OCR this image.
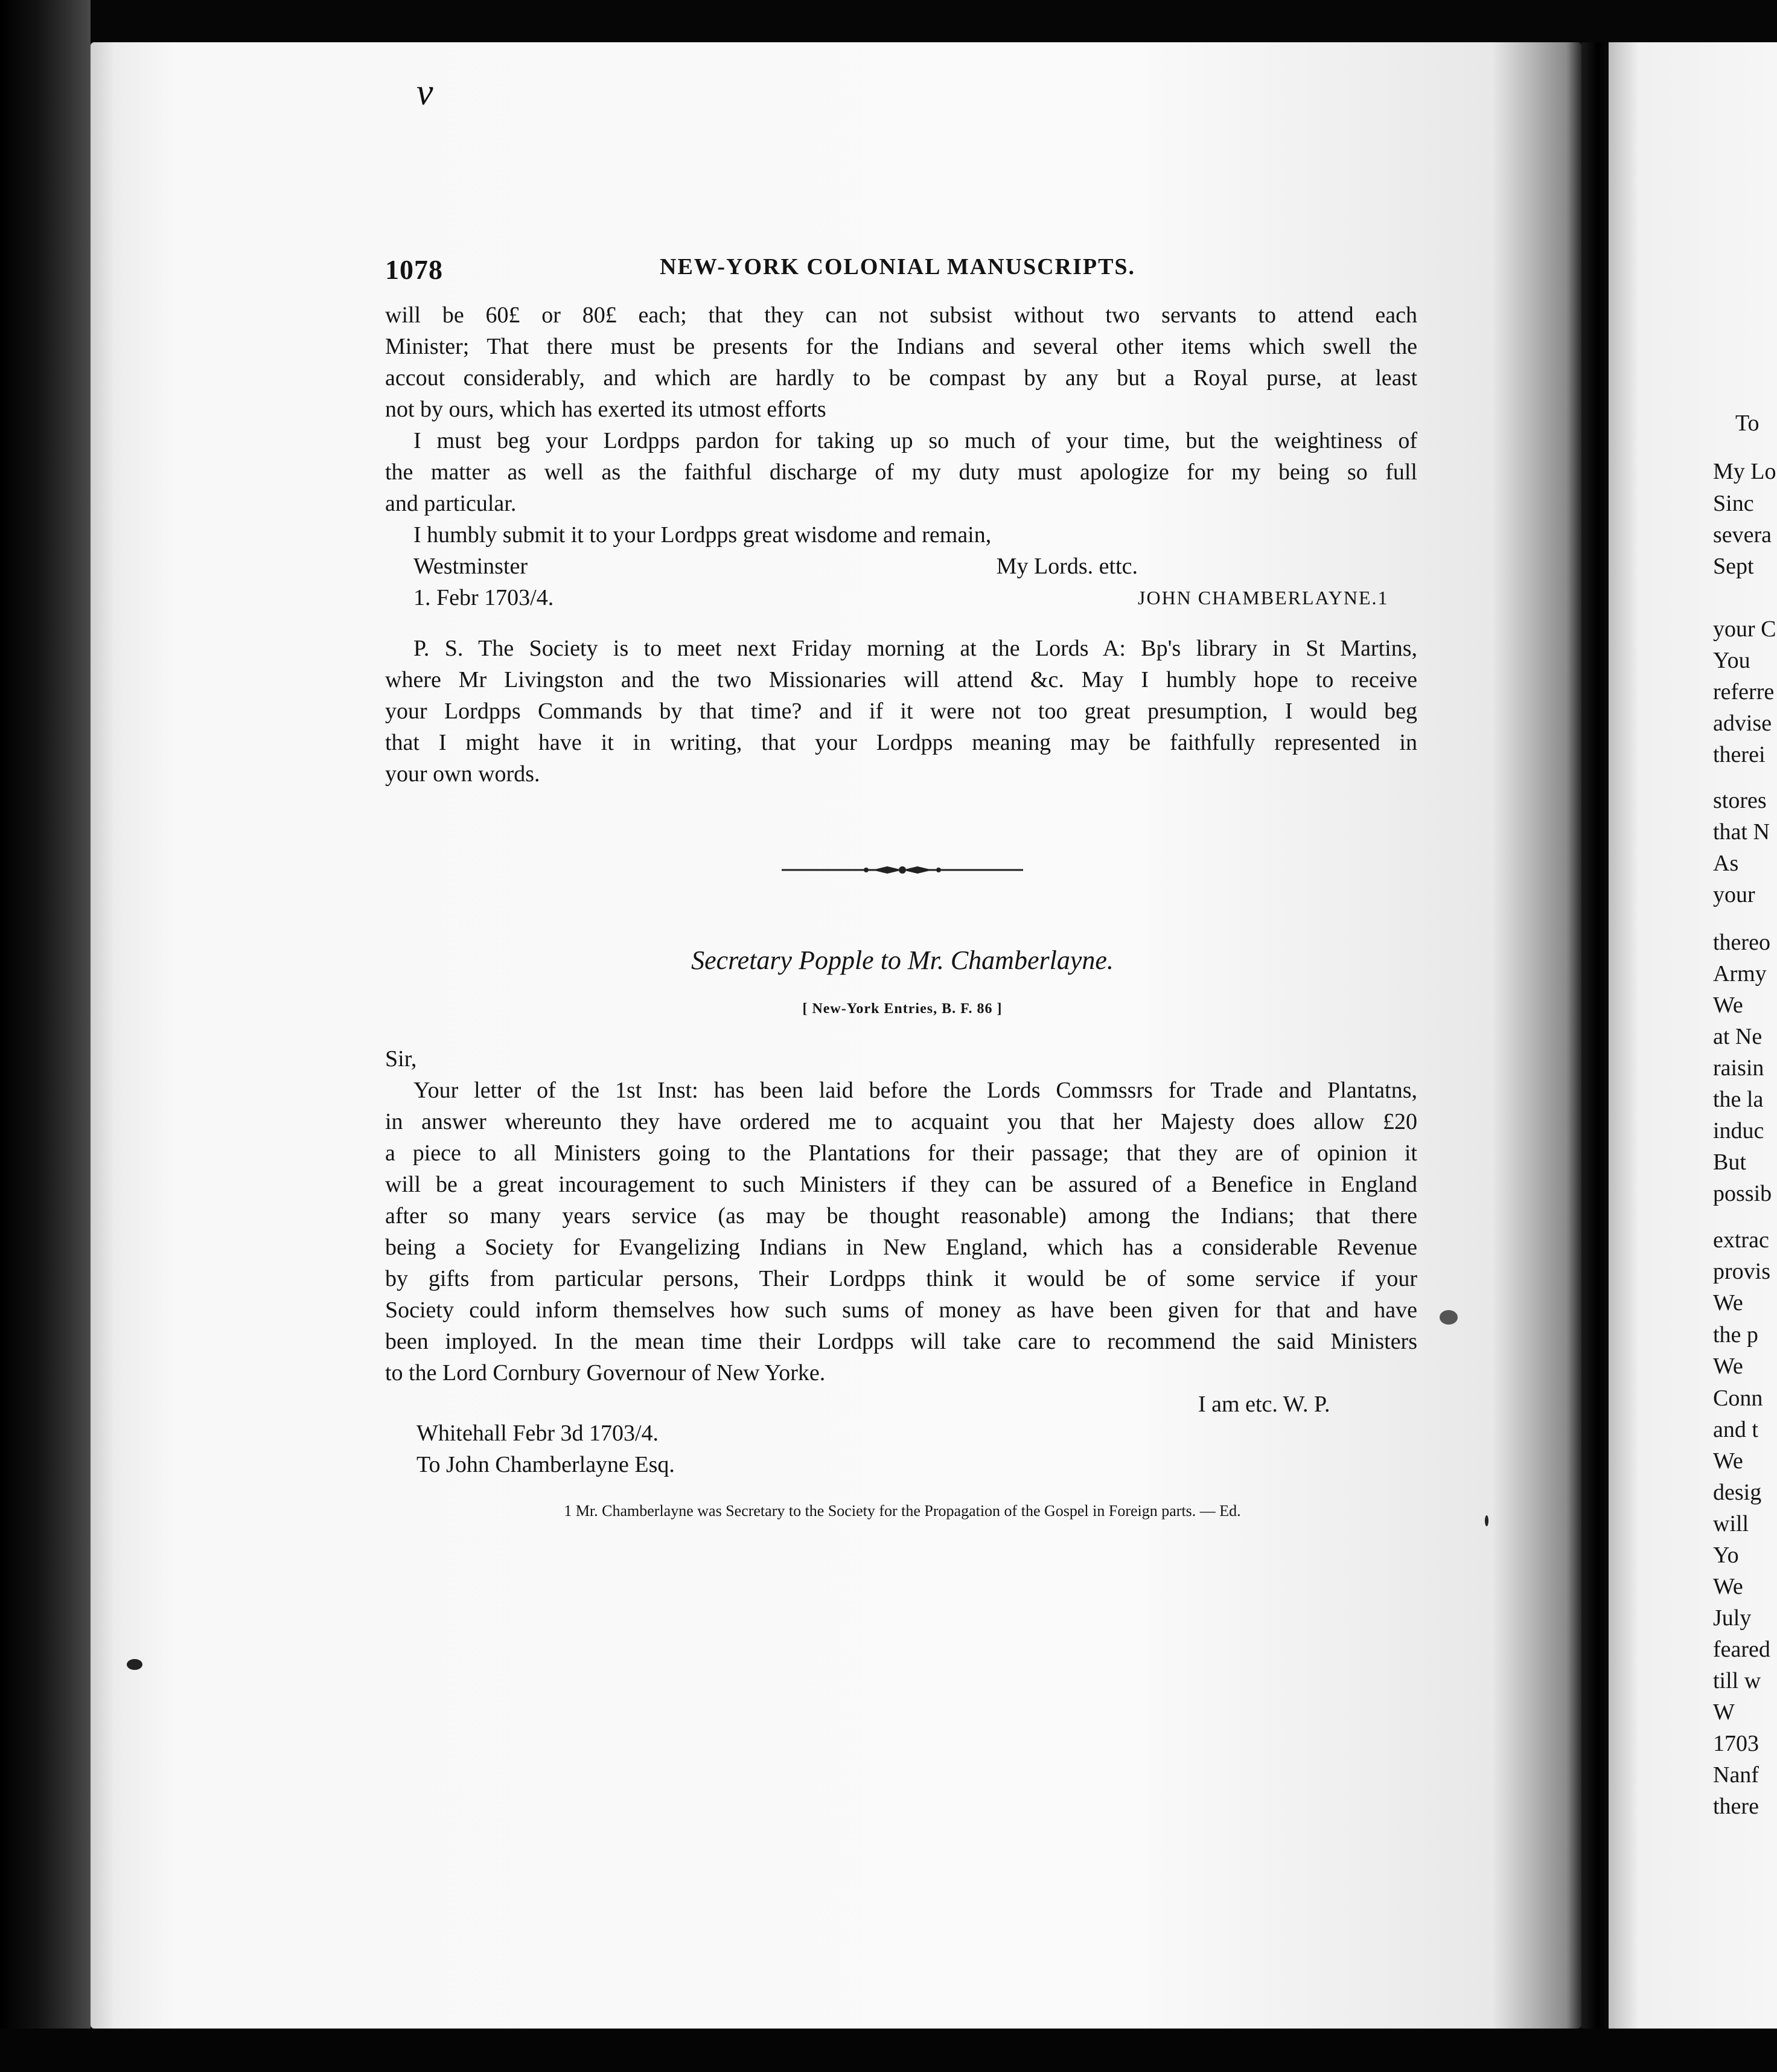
To
My Lo
Sinc
severa
Sept
your C
You
referre
advise
therei
stores
that N
As
your
thereo
Army
We
at Ne
raisin
the la
induc
But
possib
extrac
provis
We
the p
We
Conn
and t
We
desig
will
Yo
We
July
feared
till w
W
1703
Nanf
there
v
1078	NEW-YORK COLONIAL MANUSCRIPTS.
will be 60£ or 80£ each; that they can not subsist without two servants to attend each
Minister; That there must be presents for the Indians and several other items which swell the
accout considerably, and which are hardly to be compast by any but a Royal purse, at least
not by ours, which has exerted its utmost efforts
I must beg your Lordpps pardon for taking up so much of your time, but the weightiness of
the matter as well as the faithful discharge of my duty must apologize for my being so full
and particular.
I humbly submit it to your Lordpps great wisdome and remain,
Westminster	My Lords. ettc.
1. Febr 1703/4.	JOHN CHAMBERLAYNE.1
P. S. The Society is to meet next Friday morning at the Lords A: Bp's library in St Martins,
where Mr Livingston and the two Missionaries will attend &c. May I humbly hope to receive
your Lordpps Commands by that time? and if it were not too great presumption, I would beg
that I might have it in writing, that your Lordpps meaning may be faithfully represented in
your own words.
Secretary Popple to Mr. Chamberlayne.
[ New-York Entries, B. F. 86 ]
Sir,
Your letter of the 1st Inst: has been laid before the Lords Commssrs for Trade and Plantatns,
in answer whereunto they have ordered me to acquaint you that her Majesty does allow £20
a piece to all Ministers going to the Plantations for their passage; that they are of opinion it
will be a great incouragement to such Ministers if they can be assured of a Benefice in England
after so many years service (as may be thought reasonable) among the Indians; that there
being a Society for Evangelizing Indians in New England, which has a considerable Revenue
by gifts from particular persons, Their Lordpps think it would be of some service if your
Society could inform themselves how such sums of money as have been given for that and have
been imployed. In the mean time their Lordpps will take care to recommend the said Ministers
to the Lord Cornbury Governour of New Yorke.
I am etc. W. P.
Whitehall Febr 3d 1703/4.
To John Chamberlayne Esq.
1 Mr. Chamberlayne was Secretary to the Society for the Propagation of the Gospel in Foreign parts. — Ed.
